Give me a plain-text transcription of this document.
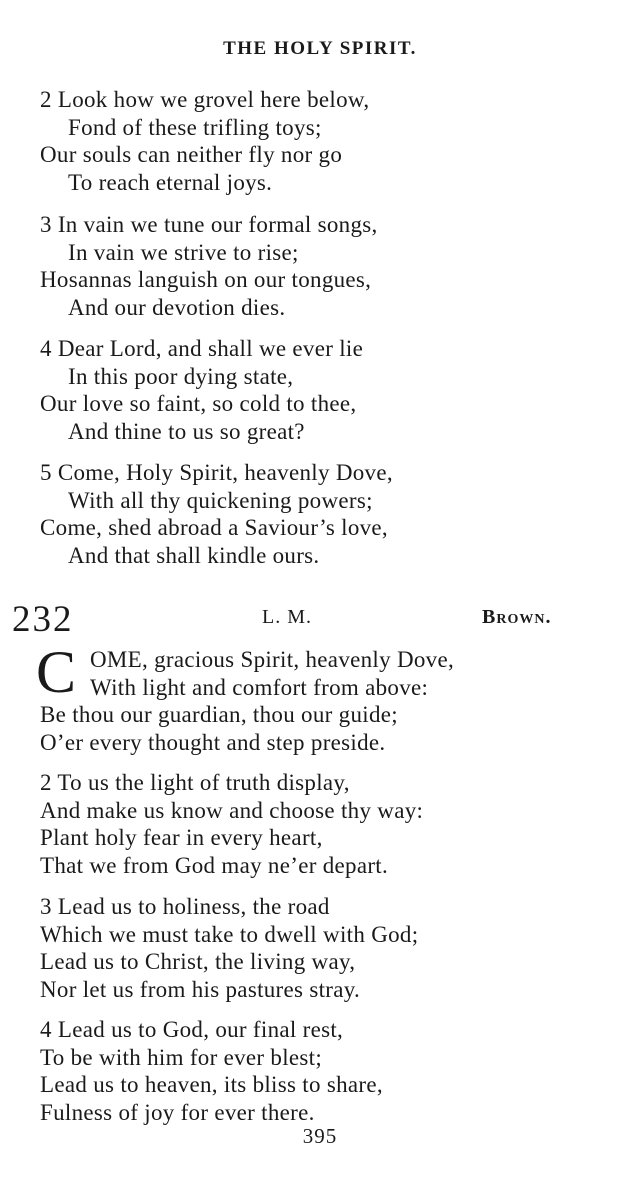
THE HOLY SPIRIT.
2 Look how we grovel here below,
Fond of these trifling toys;
Our souls can neither fly nor go
To reach eternal joys.
3 In vain we tune our formal songs,
In vain we strive to rise;
Hosannas languish on our tongues,
And our devotion dies.
4 Dear Lord, and shall we ever lie
In this poor dying state,
Our love so faint, so cold to thee,
And thine to us so great?
5 Come, Holy Spirit, heavenly Dove,
With all thy quickening powers;
Come, shed abroad a Saviour’s love,
And that shall kindle ours.
232	L. M.	Brown.
C OME, gracious Spirit, heavenly Dove,
With light and comfort from above:
Be thou our guardian, thou our guide;
O’er every thought and step preside.
2 To us the light of truth display,
And make us know and choose thy way:
Plant holy fear in every heart,
That we from God may ne’er depart.
3 Lead us to holiness, the road
Which we must take to dwell with God;
Lead us to Christ, the living way,
Nor let us from his pastures stray.
4 Lead us to God, our final rest,
To be with him for ever blest;
Lead us to heaven, its bliss to share,
Fulness of joy for ever there.
395
